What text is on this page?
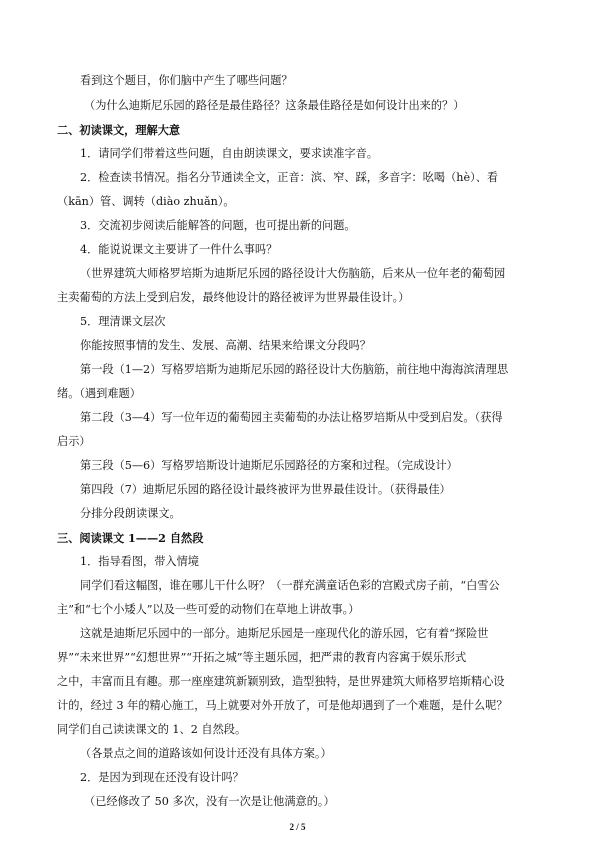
看到这个题目，你们脑中产生了哪些问题？
（为什么迪斯尼乐园的路径是最佳路径？这条最佳路径是如何设计出来的？）
二、初读课文，理解大意
1．请同学们带着这些问题，自由朗读课文，要求读准字音。
2．检查读书情况。指名分节通读全文，正音：滨、窄、踩，多音字：吆喝（hè）、看
（kān）管、调转（diào zhuǎn）。
3．交流初步阅读后能解答的问题，也可提出新的问题。
4．能说说课文主要讲了一件什么事吗？
（世界建筑大师格罗培斯为迪斯尼乐园的路径设计大伤脑筋，后来从一位年老的葡萄园
主卖葡萄的方法上受到启发，最终他设计的路径被评为世界最佳设计。）
5．理清课文层次
你能按照事情的发生、发展、高潮、结果来给课文分段吗？
第一段（1—2）写格罗培斯为迪斯尼乐园的路径设计大伤脑筋，前往地中海海滨清理思
绪。（遇到难题）
第二段（3—4）写一位年迈的葡萄园主卖葡萄的办法让格罗培斯从中受到启发。（获得
启示）
第三段（5—6）写格罗培斯设计迪斯尼乐园路径的方案和过程。（完成设计）
第四段（7）迪斯尼乐园的路径设计最终被评为世界最佳设计。（获得最佳）
分排分段朗读课文。
三、阅读课文 1——2 自然段
1．指导看图，带入情境
同学们看这幅图，谁在哪儿干什么呀？（一群充满童话色彩的宫殿式房子前，“白雪公
主”和“七个小矮人”以及一些可爱的动物们在草地上讲故事。）
这就是迪斯尼乐园中的一部分。迪斯尼乐园是一座现代化的游乐园，它有着“探险世
界”“未来世界”“幻想世界”“开拓之城”等主题乐园，把严肃的教育内容寓于娱乐形式
之中，丰富而且有趣。那一座座建筑新颖别致，造型独特，是世界建筑大师格罗培斯精心设
计的，经过 3 年的精心施工，马上就要对外开放了，可是他却遇到了一个难题，是什么呢？
同学们自己读读课文的 1、2 自然段。
（各景点之间的道路该如何设计还没有具体方案。）
2．是因为到现在还没有设计吗？
（已经修改了 50 多次，没有一次是让他满意的。）
2 / 5
